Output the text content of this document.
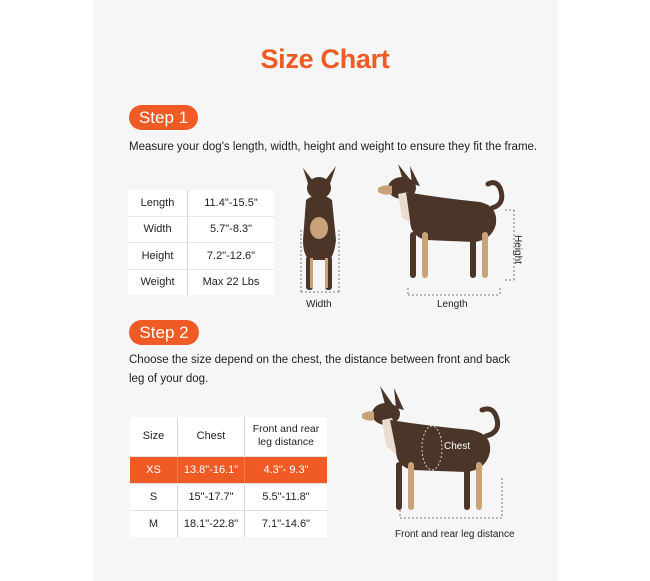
Size Chart
Step 1
Measure your dog's length, width, height and weight to ensure they fit the frame.
Length	11.4"-15.5"
Width	5.7"-8.3"
Height	7.2"-12.6"
Weight	Max 22 Lbs
Width	Length
Height
Step 2
Choose the size depend on the chest, the distance between front and back
leg of your dog.
Size	Chest	Front and rear
leg distance
XS	13.8"-16.1"	4.3"- 9.3"
S	15"-17.7"	5.5"-11.8"
M	18.1"-22.8"	7.1"-14.6"
Chest
Front and rear leg distance
